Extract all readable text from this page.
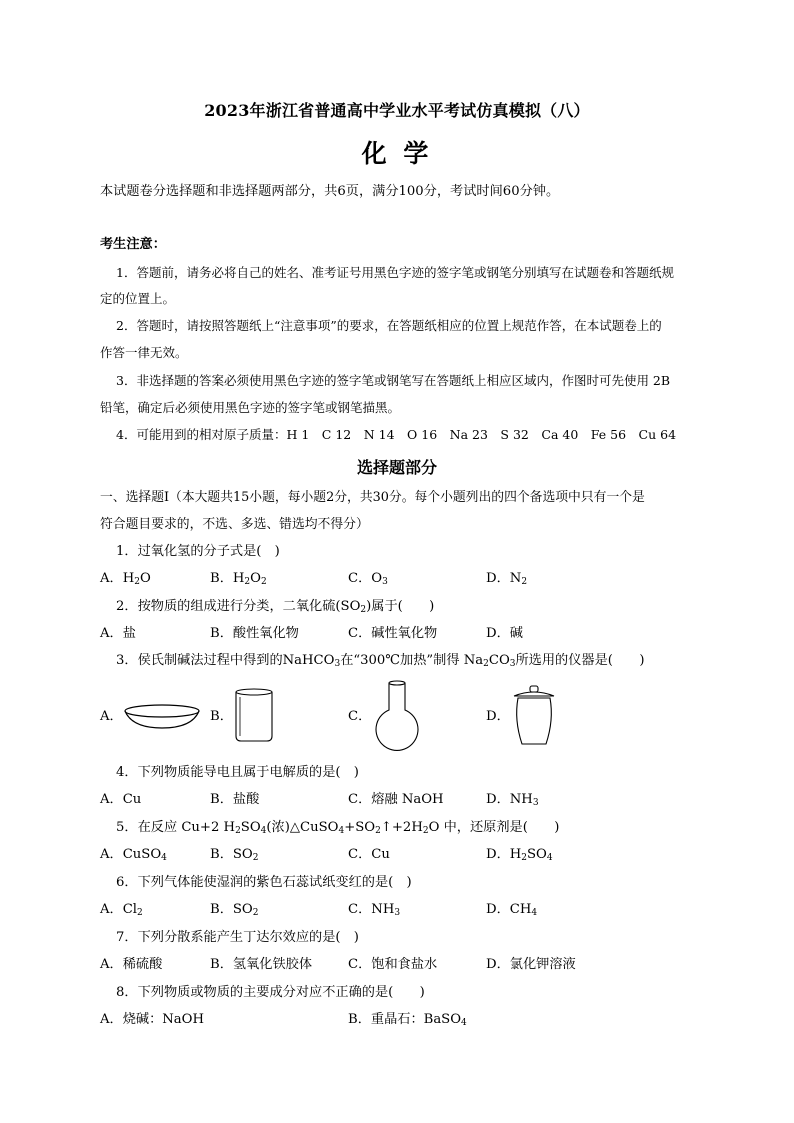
2023年浙江省普通高中学业水平考试仿真模拟（八）
化 学
本试题卷分选择题和非选择题两部分，共6页，满分100分，考试时间60分钟。
考生注意：
1．答题前，请务必将自己的姓名、准考证号用黑色字迹的签字笔或钢笔分别填写在试题卷和答题纸规
定的位置上。
2．答题时，请按照答题纸上“注意事项”的要求，在答题纸相应的位置上规范作答，在本试题卷上的
作答一律无效。
3．非选择题的答案必须使用黑色字迹的签字笔或钢笔写在答题纸上相应区域内，作图时可先使用 2B
铅笔，确定后必须使用黑色字迹的签字笔或钢笔描黑。
4．可能用到的相对原子质量：H 1　C 12　N 14　O 16　Na 23　S 32　Ca 40　Fe 56　Cu 64
选择题部分
一、选择题Ⅰ（本大题共15小题，每小题2分，共30分。每个小题列出的四个备选项中只有一个是
符合题目要求的，不选、多选、错选均不得分）
1．过氧化氢的分子式是(　)
A．$H_2O$	B．$H_2O_2$	C．$O_3$	D．$N_2$
2．按物质的组成进行分类，二氧化硫$(SO_2)$属于(　　)
A．盐	B．酸性氧化物	C．碱性氧化物	D．碱
3．侯氏制碱法过程中得到的NaHCO$_3$在“300℃加热”制得 $Na_2CO_3$所选用的仪器是(　　)
A．	B．	C．	D．
4．下列物质能导电且属于电解质的是(　)
A．Cu	B．盐酸	C．熔融 NaOH	D．$NH_3$
5．在反应 Cu+2 $H_2SO_4$(浓)$\triangle CuSO_4+SO_2↑+2H_2O$ 中，还原剂是(　　)
A．CuSO$_4$	B．$SO_2$	C．Cu	D．$H_2SO_4$
6．下列气体能使湿润的紫色石蕊试纸变红的是(　)
A．$Cl_2$	B．$SO_2$	C．$NH_3$	D．$CH_4$
7．下列分散系能产生丁达尔效应的是(　)
A．稀硫酸	B．氢氧化铁胶体	C．饱和食盐水	D．氯化钾溶液
8．下列物质或物质的主要成分对应不正确的是(　　)
A．烧碱：NaOH	B．重晶石：BaSO$_4$
